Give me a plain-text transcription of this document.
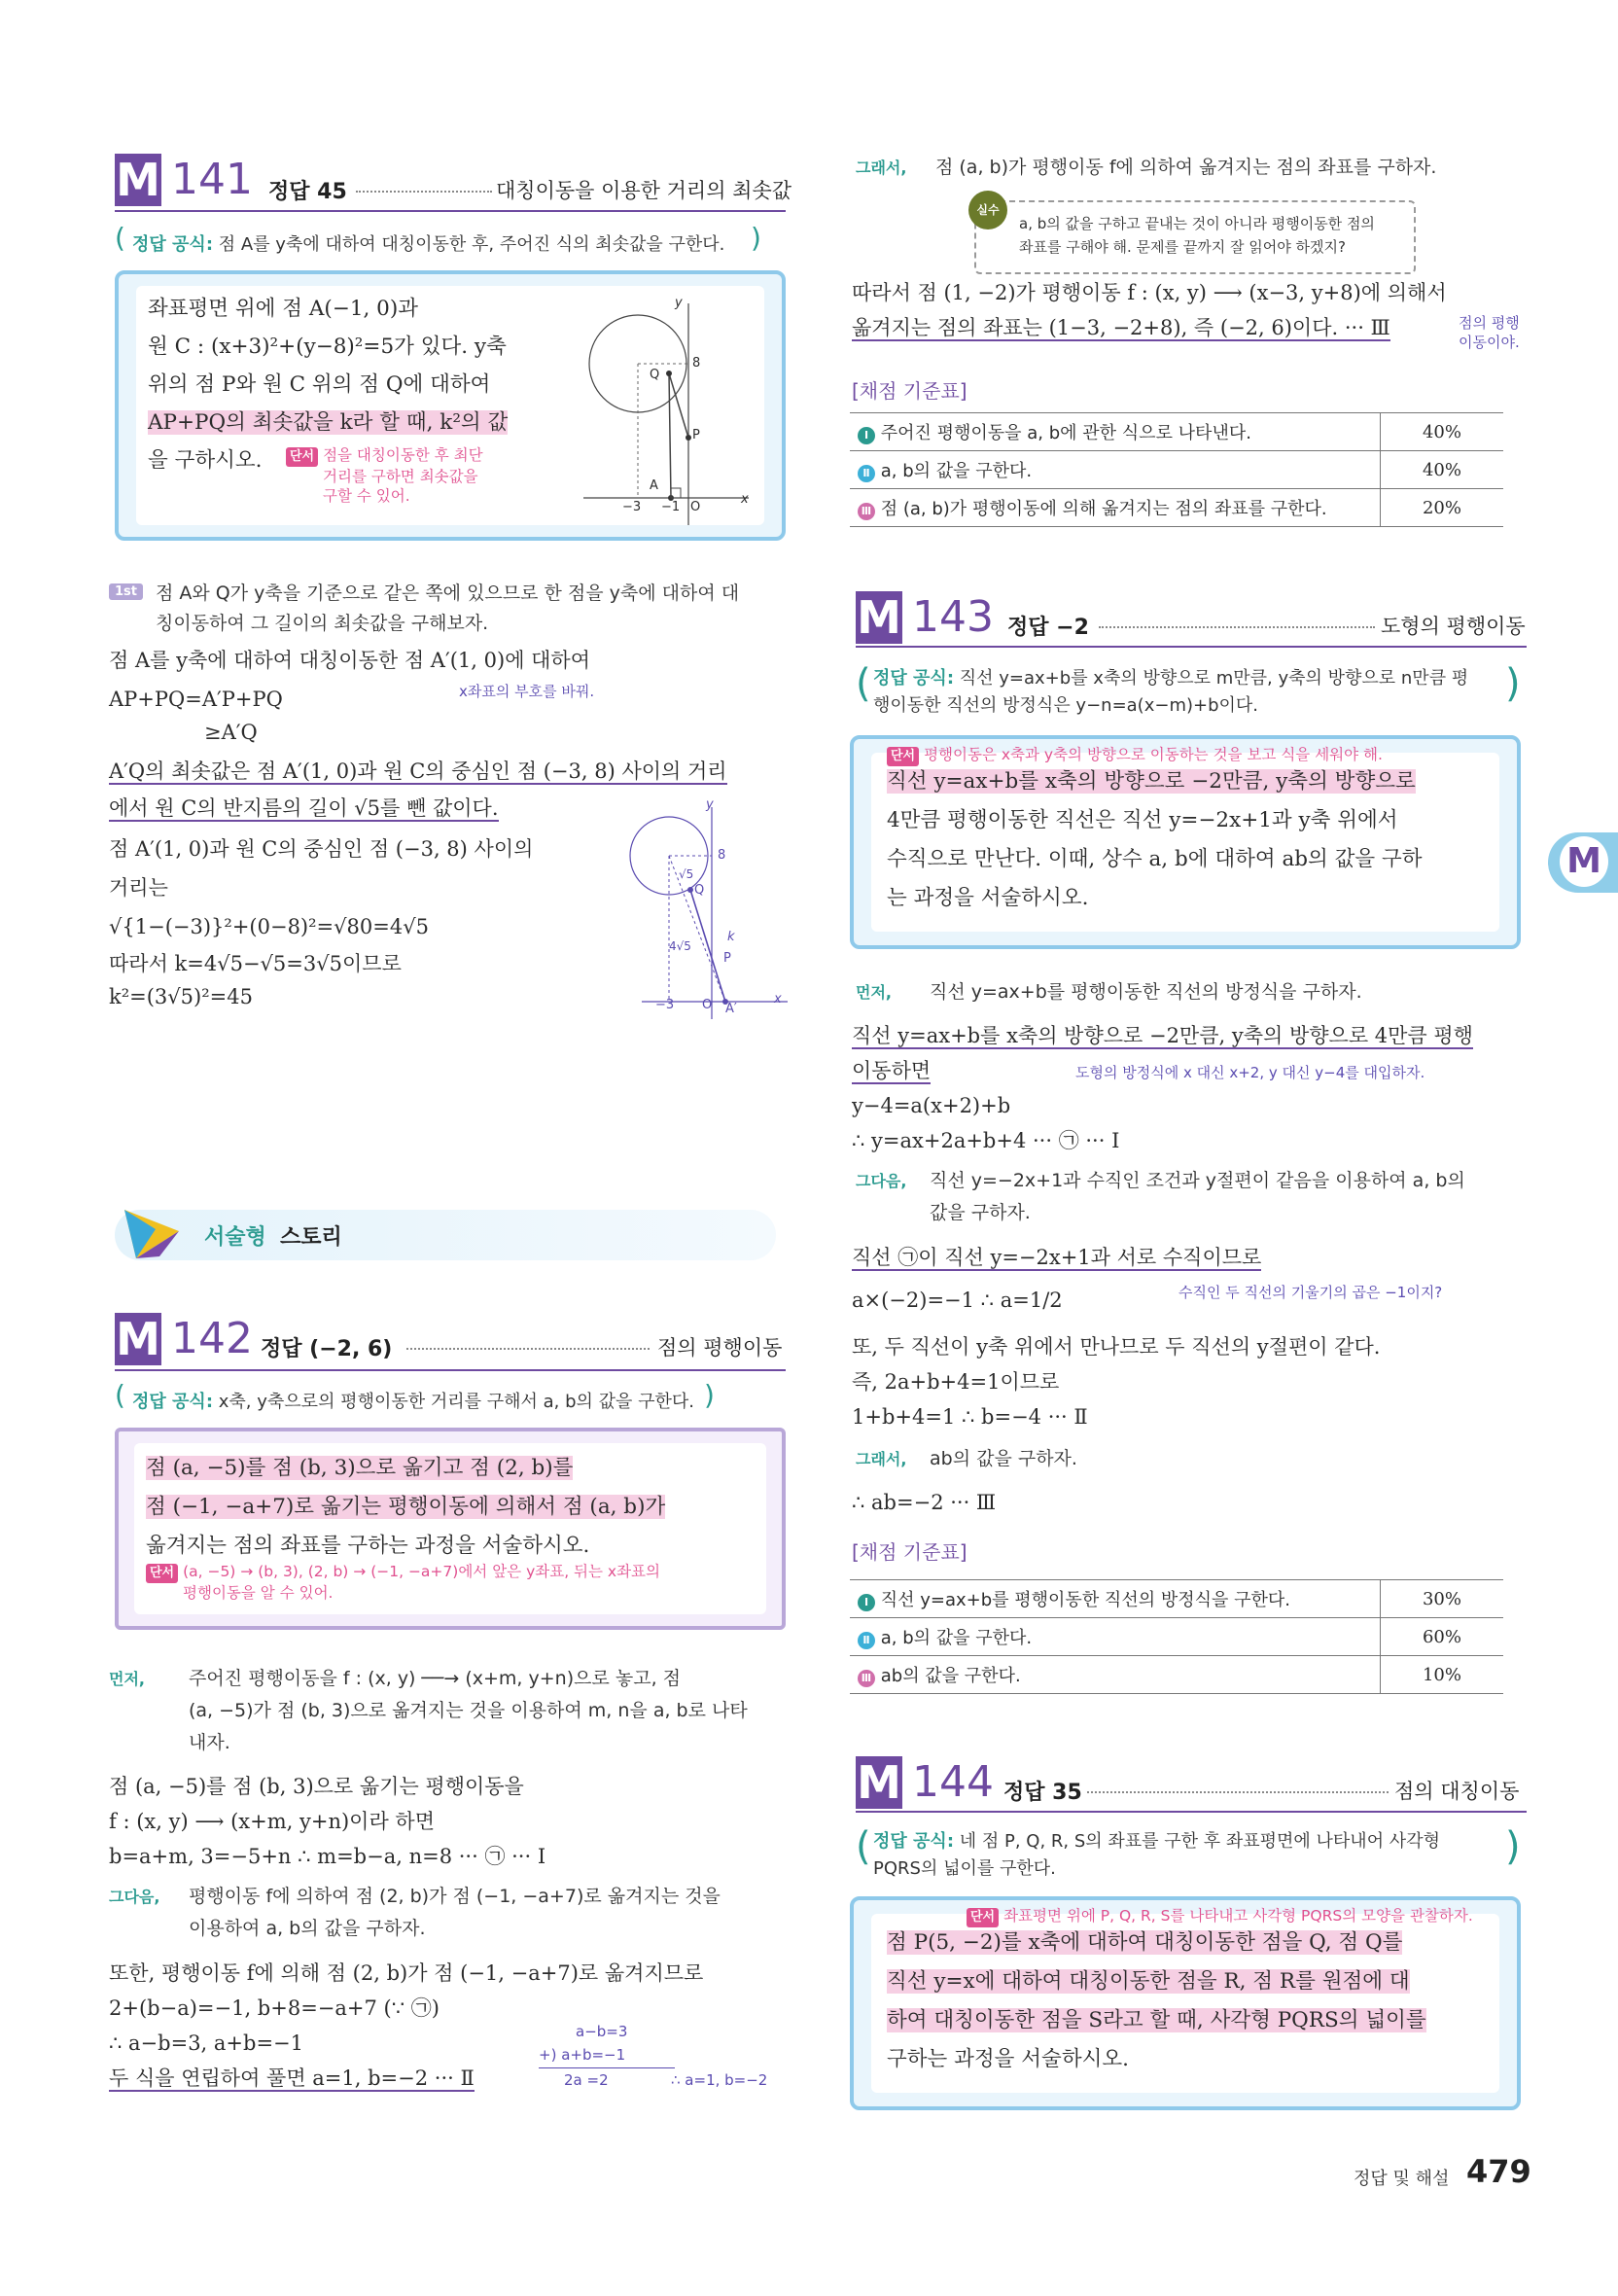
M 141 정답 45	대칭이동을 이용한 거리의 최솟값
( 정답 공식: 점 A를 y축에 대하여 대칭이동한 후, 주어진 식의 최솟값을 구한다. )
좌표평면 위에 점 A(−1, 0)과
원 C : (x+3)²+(y−8)²=5가 있다. y축
위의 점 P와 원 C 위의 점 Q에 대하여
AP+PQ의 최솟값을 k라 할 때, k²의 값
을 구하시오.	단서 점을 대칭이동한 후 최단
거리를 구하면 최솟값을
구할 수 있어.
y
x
8
Q
P
A
O
−3 −1
1st	점 A와 Q가 y축을 기준으로 같은 쪽에 있으므로 한 점을 y축에 대하여 대
칭이동하여 그 길이의 최솟값을 구해보자.
점 A를 y축에 대하여 대칭이동한 점 A′(1, 0)에 대하여
x좌표의 부호를 바꿔.
AP+PQ=A′P+PQ
≥A′Q
A′Q의 최솟값은 점 A′(1, 0)과 원 C의 중심인 점 (−3, 8) 사이의 거리
에서 원 C의 반지름의 길이 √5를 뺀 값이다.
점 A′(1, 0)과 원 C의 중심인 점 (−3, 8) 사이의
거리는
√{1−(−3)}²+(0−8)²=√80=4√5
따라서 k=4√5−√5=3√5이므로
k²=(3√5)²=45
y
x
8
Q
P
k
√5
4√5
−3 O A′
서술형 스토리
M 142 정답 (−2, 6)	점의 평행이동
( 정답 공식: x축, y축으로의 평행이동한 거리를 구해서 a, b의 값을 구한다. )
점 (a, −5)를 점 (b, 3)으로 옮기고 점 (2, b)를
점 (−1, −a+7)로 옮기는 평행이동에 의해서 점 (a, b)가
옮겨지는 점의 좌표를 구하는 과정을 서술하시오.
단서 (a, −5) → (b, 3), (2, b) → (−1, −a+7)에서 앞은 y좌표, 뒤는 x좌표의
평행이동을 알 수 있어.
먼저, 주어진 평행이동을 f : (x, y) ──→ (x+m, y+n)으로 놓고, 점
(a, −5)가 점 (b, 3)으로 옮겨지는 것을 이용하여 m, n을 a, b로 나타
내자.
점 (a, −5)를 점 (b, 3)으로 옮기는 평행이동을
f : (x, y) ⟶ (x+m, y+n)이라 하면
b=a+m, 3=−5+n ∴ m=b−a, n=8 ··· ㉠ ··· Ⅰ
그다음, 평행이동 f에 의하여 점 (2, b)가 점 (−1, −a+7)로 옮겨지는 것을
이용하여 a, b의 값을 구하자.
또한, 평행이동 f에 의해 점 (2, b)가 점 (−1, −a+7)로 옮겨지므로
2+(b−a)=−1, b+8=−a+7 (∵ ㉠)
∴ a−b=3, a+b=−1
두 식을 연립하여 풀면 a=1, b=−2 ··· Ⅱ
a−b=3
+) a+b=−1
2a =2	∴ a=1, b=−2
그래서, 점 (a, b)가 평행이동 f에 의하여 옮겨지는 점의 좌표를 구하자.
실수
a, b의 값을 구하고 끝내는 것이 아니라 평행이동한 점의
좌표를 구해야 해. 문제를 끝까지 잘 읽어야 하겠지?
따라서 점 (1, −2)가 평행이동 f : (x, y) ⟶ (x−3, y+8)에 의해서
옮겨지는 점의 좌표는 (1−3, −2+8), 즉 (−2, 6)이다. ··· Ⅲ	점의 평행
이동이야.
[채점 기준표]
Ⅰ 주어진 평행이동을 a, b에 관한 식으로 나타낸다.	40%
Ⅱ a, b의 값을 구한다.	40%
Ⅲ 점 (a, b)가 평행이동에 의해 옮겨지는 점의 좌표를 구한다.	20%
M 143 정답 −2	도형의 평행이동
( 정답 공식: 직선 y=ax+b를 x축의 방향으로 m만큼, y축의 방향으로 n만큼 평
행이동한 직선의 방정식은 y−n=a(x−m)+b이다.	)
단서 평행이동은 x축과 y축의 방향으로 이동하는 것을 보고 식을 세워야 해.
직선 y=ax+b를 x축의 방향으로 −2만큼, y축의 방향으로
4만큼 평행이동한 직선은 직선 y=−2x+1과 y축 위에서
수직으로 만난다. 이때, 상수 a, b에 대하여 ab의 값을 구하
는 과정을 서술하시오.
먼저, 직선 y=ax+b를 평행이동한 직선의 방정식을 구하자.
직선 y=ax+b를 x축의 방향으로 −2만큼, y축의 방향으로 4만큼 평행
이동하면	도형의 방정식에 x 대신 x+2, y 대신 y−4를 대입하자.
y−4=a(x+2)+b
∴ y=ax+2a+b+4 ··· ㉠ ··· Ⅰ
그다음, 직선 y=−2x+1과 수직인 조건과 y절편이 같음을 이용하여 a, b의
값을 구하자.
직선 ㉠이 직선 y=−2x+1과 서로 수직이므로
a×(−2)=−1 ∴ a=1/2	수직인 두 직선의 기울기의 곱은 −1이지?
또, 두 직선이 y축 위에서 만나므로 두 직선의 y절편이 같다.
즉, 2a+b+4=1이므로
1+b+4=1 ∴ b=−4 ··· Ⅱ
그래서, ab의 값을 구하자.
∴ ab=−2 ··· Ⅲ
[채점 기준표]
Ⅰ 직선 y=ax+b를 평행이동한 직선의 방정식을 구한다.	30%
Ⅱ a, b의 값을 구한다.	60%
Ⅲ ab의 값을 구한다.	10%
M 144 정답 35	점의 대칭이동
( 정답 공식: 네 점 P, Q, R, S의 좌표를 구한 후 좌표평면에 나타내어 사각형
PQRS의 넓이를 구한다.	)
단서 좌표평면 위에 P, Q, R, S를 나타내고 사각형 PQRS의 모양을 관찰하자.
점 P(5, −2)를 x축에 대하여 대칭이동한 점을 Q, 점 Q를
직선 y=x에 대하여 대칭이동한 점을 R, 점 R를 원점에 대
하여 대칭이동한 점을 S라고 할 때, 사각형 PQRS의 넓이를
구하는 과정을 서술하시오.
M
정답 및 해설 479
